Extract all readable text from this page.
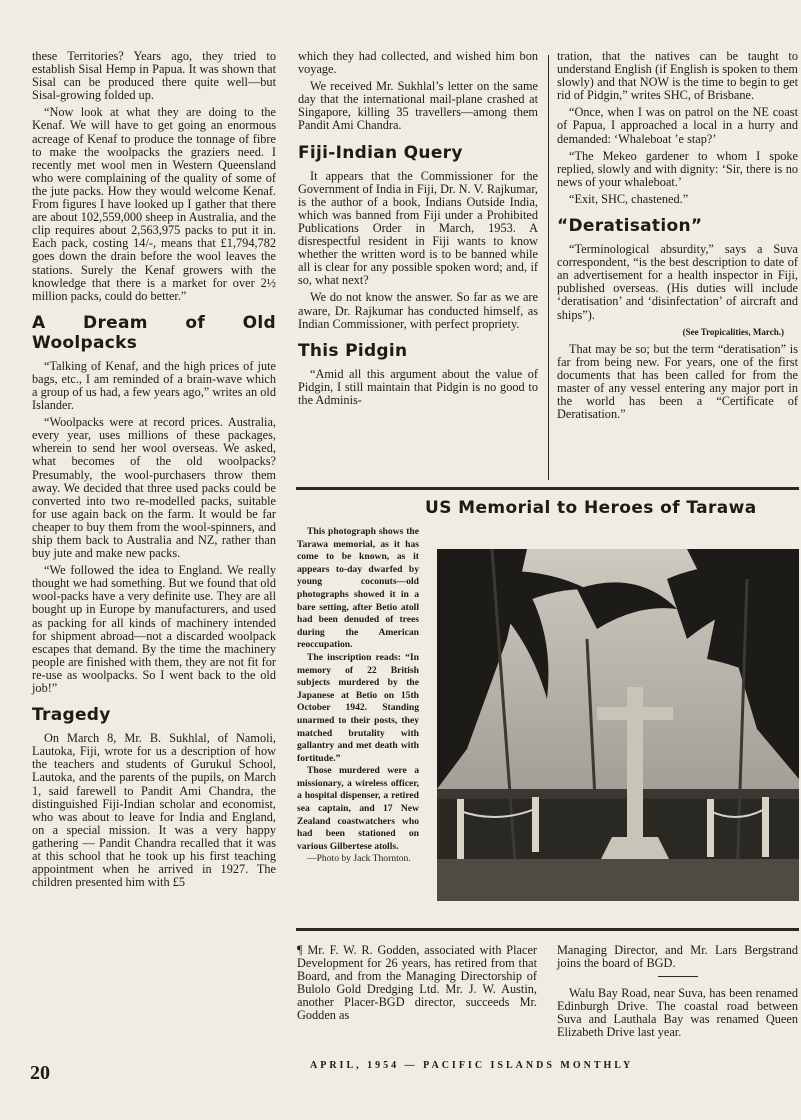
these Territories? Years ago, they tried to establish Sisal Hemp in Papua. It was shown that Sisal can be produced there quite well—but Sisal-growing folded up.

“Now look at what they are doing to the Kenaf. We will have to get going an enormous acreage of Kenaf to produce the tonnage of fibre to make the woolpacks the graziers need. I recently met wool men in Western Queensland who were complaining of the quality of some of the jute packs. How they would welcome Kenaf. From figures I have looked up I gather that there are about 102,559,000 sheep in Australia, and the clip requires about 2,563,975 packs to put it in. Each pack, costing 14/-, means that £1,794,782 goes down the drain before the wool leaves the stations. Surely the Kenaf growers with the knowledge that there is a market for over 2½ million packs, could do better.”

A Dream of Old Woolpacks

“Talking of Kenaf, and the high prices of jute bags, etc., I am reminded of a brain-wave which a group of us had, a few years ago,” writes an old Islander.

“Woolpacks were at record prices. Australia, every year, uses millions of these packages, wherein to send her wool overseas. We asked, what becomes of the old woolpacks? Presumably, the wool-purchasers throw them away. We decided that three used packs could be converted into two re-modelled packs, suitable for use again back on the farm. It would be far cheaper to buy them from the wool-spinners, and ship them back to Australia and NZ, rather than buy jute and make new packs.

“We followed the idea to England. We really thought we had something. But we found that old wool-packs have a very definite use. They are all bought up in Europe by manufacturers, and used as packing for all kinds of machinery intended for shipment abroad—not a discarded woolpack escapes that demand. By the time the machinery people are finished with them, they are not fit for re-use as woolpacks. So I went back to the old job!”

Tragedy

On March 8, Mr. B. Sukhlal, of Namoli, Lautoka, Fiji, wrote for us a description of how the teachers and students of Gurukul School, Lautoka, and the parents of the pupils, on March 1, said farewell to Pandit Ami Chandra, the distinguished Fiji-Indian scholar and economist, who was about to leave for India and England, on a special mission. It was a very happy gathering — Pandit Chandra recalled that it was at this school that he took up his first teaching appointment when he arrived in 1927. The children presented him with £5

which they had collected, and wished him bon voyage.

We received Mr. Sukhlal’s letter on the same day that the international mail-plane crashed at Singapore, killing 35 travellers—among them Pandit Ami Chandra.

Fiji-Indian Query

It appears that the Commissioner for the Government of India in Fiji, Dr. N. V. Rajkumar, is the author of a book, Indians Outside India, which was banned from Fiji under a Prohibited Publications Order in March, 1953. A disrespectful resident in Fiji wants to know whether the written word is to be banned while all is clear for any possible spoken word; and, if so, what next?

We do not know the answer. So far as we are aware, Dr. Rajkumar has conducted himself, as Indian Commissioner, with perfect propriety.

This Pidgin

“Amid all this argument about the value of Pidgin, I still maintain that Pidgin is no good to the Adminis-

tration, that the natives can be taught to understand English (if English is spoken to them slowly) and that NOW is the time to begin to get rid of Pidgin,” writes SHC, of Brisbane.

“Once, when I was on patrol on the NE coast of Papua, I approached a local in a hurry and demanded: ‘Whaleboat ’e stap?’

“The Mekeo gardener to whom I spoke replied, slowly and with dignity: ‘Sir, there is no news of your whaleboat.’

“Exit, SHC, chastened.”

“Deratisation”

“Terminological absurdity,” says a Suva correspondent, “is the best description to date of an advertisement for a health inspector in Fiji, published overseas. (His duties will include ‘deratisation’ and ‘disinfectation’ of aircraft and ships”).

(See Tropicalities, March.)

That may be so; but the term “deratisation” is far from being new. For years, one of the first documents that has been called for from the master of any vessel entering any major port in the world has been a “Certificate of Deratisation.”

US Memorial to Heroes of Tarawa

This photograph shows the Tarawa memorial, as it has come to be known, as it appears to-day dwarfed by young coconuts—old photographs showed it in a bare setting, after Betio atoll had been denuded of trees during the American reoccupation.

The inscription reads: “In memory of 22 British subjects murdered by the Japanese at Betio on 15th October 1942. Standing unarmed to their posts, they matched brutality with gallantry and met death with fortitude.”

Those murdered were a missionary, a wireless officer, a hospital dispenser, a retired sea captain, and 17 New Zealand coastwatchers who had been stationed on various Gilbertese atolls.

—Photo by Jack Thornton.

¶ Mr. F. W. R. Godden, associated with Placer Development for 26 years, has retired from that Board, and from the Managing Directorship of Bulolo Gold Dredging Ltd. Mr. J. W. Austin, another Placer-BGD director, succeeds Mr. Godden as

Managing Director, and Mr. Lars Bergstrand joins the board of BGD.

Walu Bay Road, near Suva, has been renamed Edinburgh Drive. The coastal road between Suva and Lauthala Bay was renamed Queen Elizabeth Drive last year.

20	APRIL, 1954 — PACIFIC ISLANDS MONTHLY
